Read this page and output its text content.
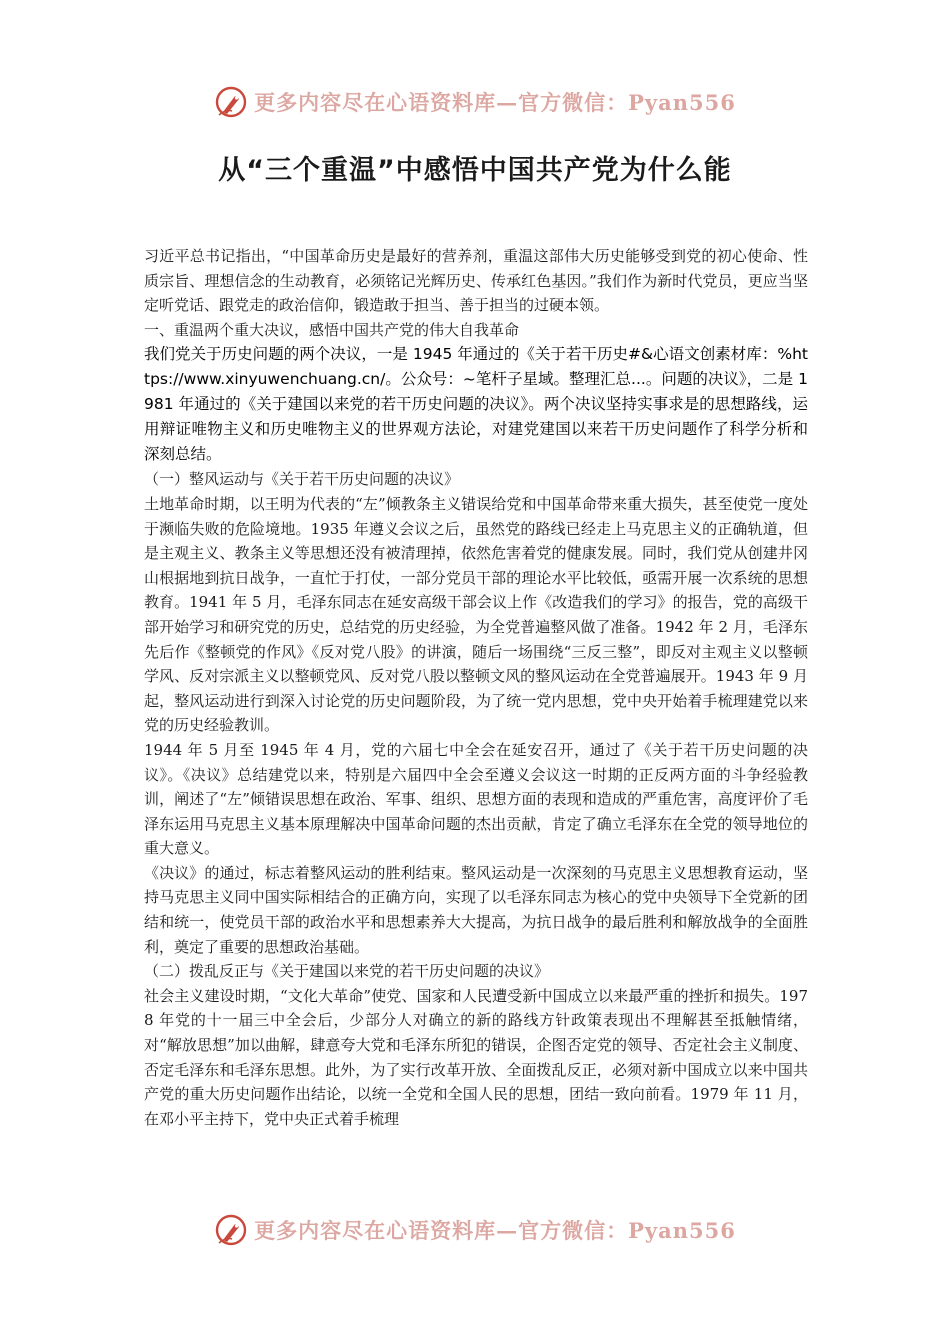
更多内容尽在心语资料库—官方微信：Pyan556
从“三个重温”中感悟中国共产党为什么能

习近平总书记指出，“中国革命历史是最好的营养剂，重温这部伟大历史能够受到党的初心使命、性质宗旨、理想信念的生动教育，必须铭记光辉历史、传承红色基因。”我们作为新时代党员，更应当坚定听党话、跟党走的政治信仰，锻造敢于担当、善于担当的过硬本领。

一、重温两个重大决议，感悟中国共产党的伟大自我革命

我们党关于历史问题的两个决议，一是 1945 年通过的《关于若干历史#&心语文创素材库：%https://www.xinyuwenchuang.cn/。公众号：~笔杆子星域。整理汇总...。问题的决议》，二是 1981 年通过的《关于建国以来党的若干历史问题的决议》。两个决议坚持实事求是的思想路线，运用辩证唯物主义和历史唯物主义的世界观方法论，对建党建国以来若干历史问题作了科学分析和深刻总结。

（一）整风运动与《关于若干历史问题的决议》

土地革命时期，以王明为代表的“左”倾教条主义错误给党和中国革命带来重大损失，甚至使党一度处于濒临失败的危险境地。1935 年遵义会议之后，虽然党的路线已经走上马克思主义的正确轨道，但是主观主义、教条主义等思想还没有被清理掉，依然危害着党的健康发展。同时，我们党从创建井冈山根据地到抗日战争，一直忙于打仗，一部分党员干部的理论水平比较低，亟需开展一次系统的思想教育。1941 年 5 月，毛泽东同志在延安高级干部会议上作《改造我们的学习》的报告，党的高级干部开始学习和研究党的历史，总结党的历史经验，为全党普遍整风做了准备。1942 年 2 月，毛泽东先后作《整顿党的作风》《反对党八股》的讲演，随后一场围绕“三反三整”，即反对主观主义以整顿学风、反对宗派主义以整顿党风、反对党八股以整顿文风的整风运动在全党普遍展开。1943 年 9 月起，整风运动进行到深入讨论党的历史问题阶段，为了统一党内思想，党中央开始着手梳理建党以来党的历史经验教训。

1944 年 5 月至 1945 年 4 月，党的六届七中全会在延安召开，通过了《关于若干历史问题的决议》。《决议》总结建党以来，特别是六届四中全会至遵义会议这一时期的正反两方面的斗争经验教训，阐述了“左”倾错误思想在政治、军事、组织、思想方面的表现和造成的严重危害，高度评价了毛泽东运用马克思主义基本原理解决中国革命问题的杰出贡献，肯定了确立毛泽东在全党的领导地位的重大意义。

《决议》的通过，标志着整风运动的胜利结束。整风运动是一次深刻的马克思主义思想教育运动，坚持马克思主义同中国实际相结合的正确方向，实现了以毛泽东同志为核心的党中央领导下全党新的团结和统一，使党员干部的政治水平和思想素养大大提高，为抗日战争的最后胜利和解放战争的全面胜利，奠定了重要的思想政治基础。

（二）拨乱反正与《关于建国以来党的若干历史问题的决议》

社会主义建设时期，“文化大革命”使党、国家和人民遭受新中国成立以来最严重的挫折和损失。1978 年党的十一届三中全会后，少部分人对确立的新的路线方针政策表现出不理解甚至抵触情绪，对“解放思想”加以曲解，肆意夸大党和毛泽东所犯的错误，企图否定党的领导、否定社会主义制度、否定毛泽东和毛泽东思想。此外，为了实行改革开放、全面拨乱反正，必须对新中国成立以来中国共产党的重大历史问题作出结论，以统一全党和全国人民的思想，团结一致向前看。1979 年 11 月，在邓小平主持下，党中央正式着手梳理

更多内容尽在心语资料库—官方微信：Pyan556
